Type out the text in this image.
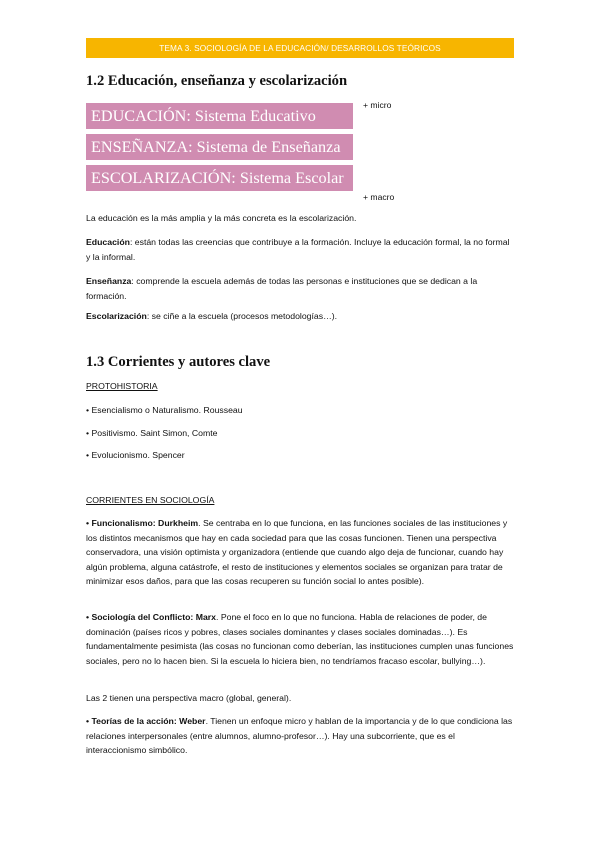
TEMA 3. SOCIOLOGÍA DE LA EDUCACIÓN/ DESARROLLOS TEÓRICOS
1.2 Educación, enseñanza y escolarización
EDUCACIÓN: Sistema Educativo
ENSEÑANZA: Sistema de Enseñanza
ESCOLARIZACIÓN: Sistema Escolar
+ micro
+ macro
La educación es la más amplia y la más concreta es la escolarización.
Educación: están todas las creencias que contribuye a la formación. Incluye la educación formal, la no formal y la informal.
Enseñanza: comprende la escuela además de todas las personas e instituciones que se dedican a la formación.
Escolarización: se ciñe a la escuela (procesos metodologías…).
1.3 Corrientes y autores clave
PROTOHISTORIA
• Esencialismo o Naturalismo. Rousseau
• Positivismo. Saint Simon, Comte
• Evolucionismo. Spencer
CORRIENTES EN SOCIOLOGÍA
• Funcionalismo: Durkheim. Se centraba en lo que funciona, en las funciones sociales de las instituciones y los distintos mecanismos que hay en cada sociedad para que las cosas funcionen. Tienen una perspectiva conservadora, una visión optimista y organizadora (entiende que cuando algo deja de funcionar, cuando hay algún problema, alguna catástrofe, el resto de instituciones y elementos sociales se organizan para tratar de minimizar esos daños, para que las cosas recuperen su función social lo antes posible).
• Sociología del Conflicto: Marx. Pone el foco en lo que no funciona. Habla de relaciones de poder, de dominación (países ricos y pobres, clases sociales dominantes y clases sociales dominadas…). Es fundamentalmente pesimista (las cosas no funcionan como deberían, las instituciones cumplen unas funciones sociales, pero no lo hacen bien. Si la escuela lo hiciera bien, no tendríamos fracaso escolar, bullying…).
Las 2 tienen una perspectiva macro (global, general).
• Teorías de la acción: Weber. Tienen un enfoque micro y hablan de la importancia y de lo que condiciona las relaciones interpersonales (entre alumnos, alumno-profesor…). Hay una subcorriente, que es el interaccionismo simbólico.
